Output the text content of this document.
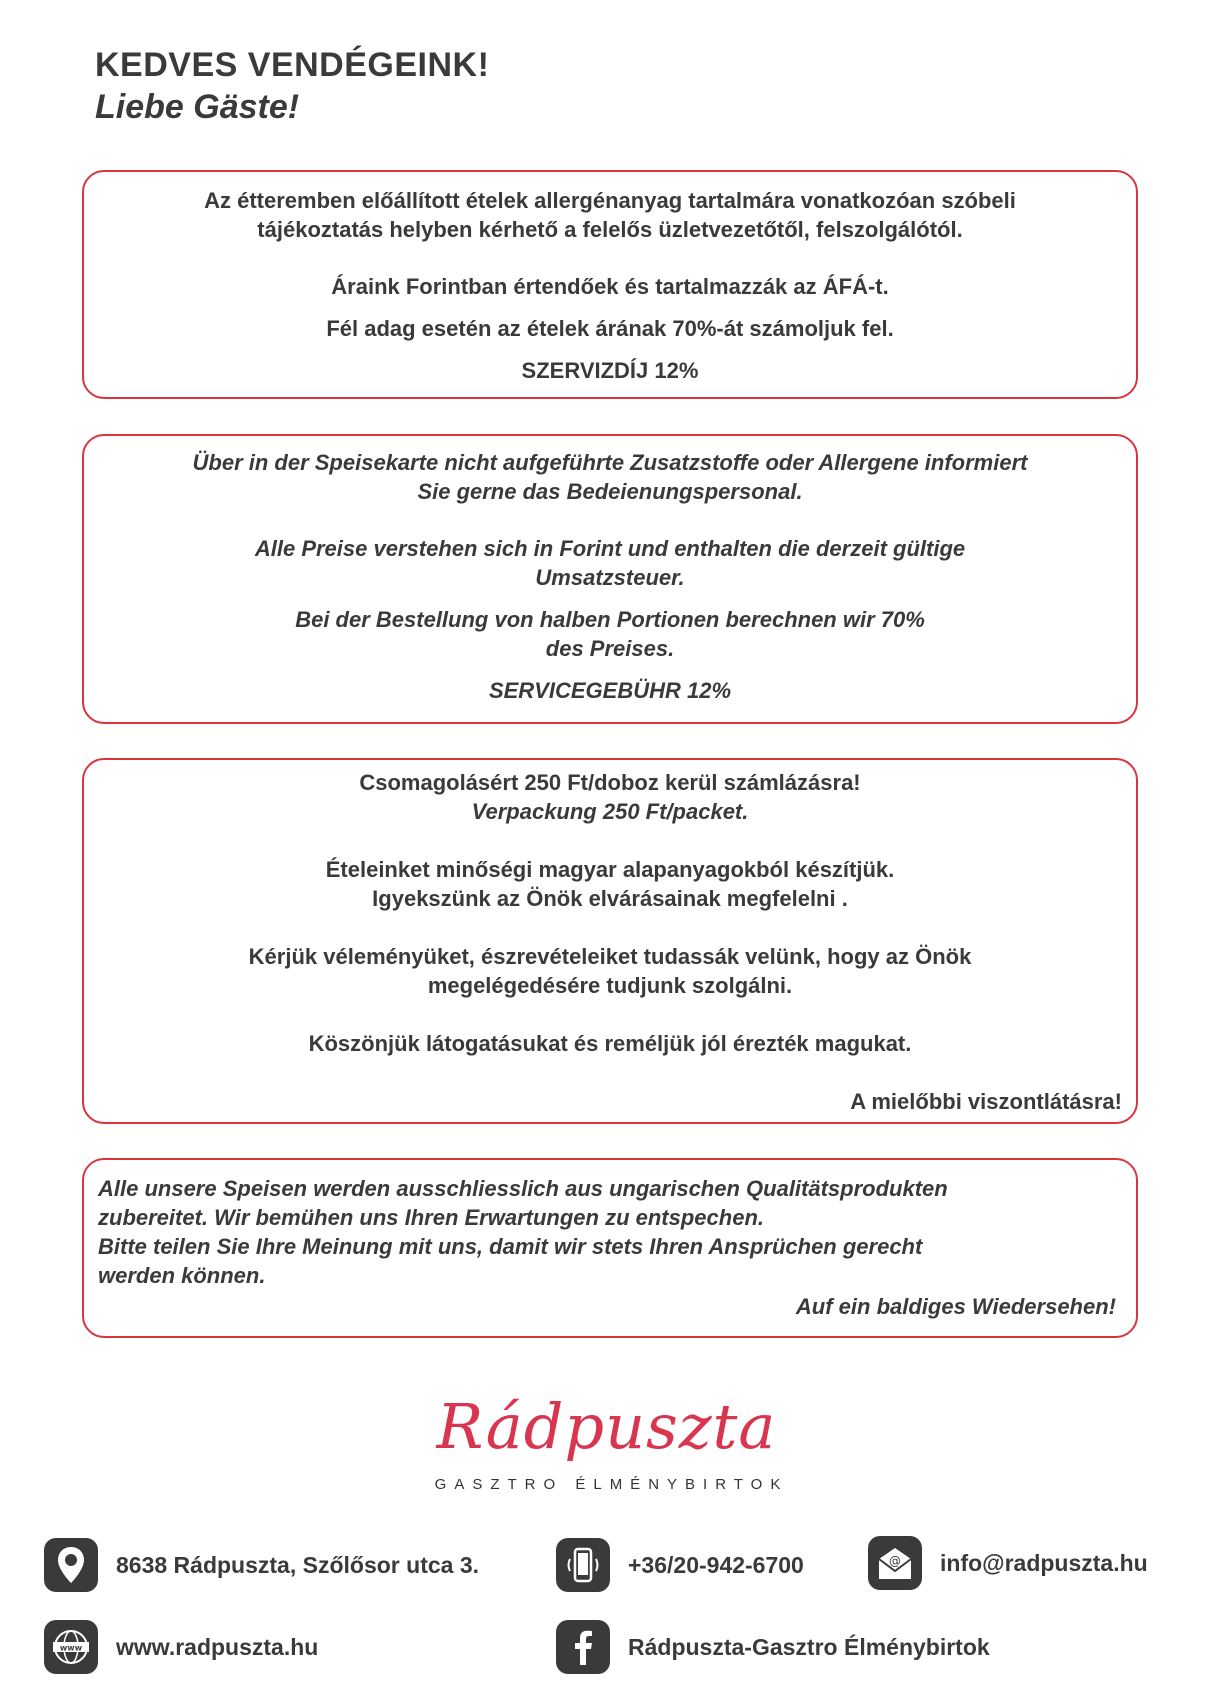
KEDVES VENDÉGEINK!
Liebe Gäste!

Az étteremben előállított ételek allergénanyag tartalmára vonatkozóan szóbeli

tájékoztatás helyben kérhető a felelős üzletvezetőtől, felszolgálótól.

Áraink Forintban értendőek és tartalmazzák az ÁFÁ-t.

Fél adag esetén az ételek árának 70%-át számoljuk fel.

SZERVIZDÍJ 12%

Über in der Speisekarte nicht aufgeführte Zusatzstoffe oder Allergene informiert

Sie gerne das Bedeienungspersonal.

Alle Preise verstehen sich in Forint und enthalten die derzeit gültige

Umsatzsteuer.

Bei der Bestellung von halben Portionen berechnen wir 70%

des Preises.

SERVICEGEBÜHR 12%

Csomagolásért 250 Ft/doboz kerül számlázásra!

Verpackung 250 Ft/packet.

Ételeinket minőségi magyar alapanyagokból készítjük.

Igyekszünk az Önök elvárásainak megfelelni .

Kérjük véleményüket, észrevételeiket tudassák velünk, hogy az Önök

megelégedésére tudjunk szolgálni.

Köszönjük látogatásukat és reméljük jól érezték magukat.

A mielőbbi viszontlátásra!

Alle unsere Speisen werden ausschliesslich aus ungarischen Qualitätsprodukten

zubereitet. Wir bemühen uns Ihren Erwartungen zu entspechen.

Bitte teilen Sie Ihre Meinung mit uns, damit wir stets Ihren Ansprüchen gerecht

werden können.

Auf ein baldiges Wiedersehen!

Rádpuszta
GASZTRO ÉLMÉNYBIRTOK
8638 Rádpuszta, Szőlősor utca 3.	+36/20-942-6700	@ info@radpuszta.hu
www www.radpuszta.hu	Rádpuszta-Gasztro Élménybirtok
